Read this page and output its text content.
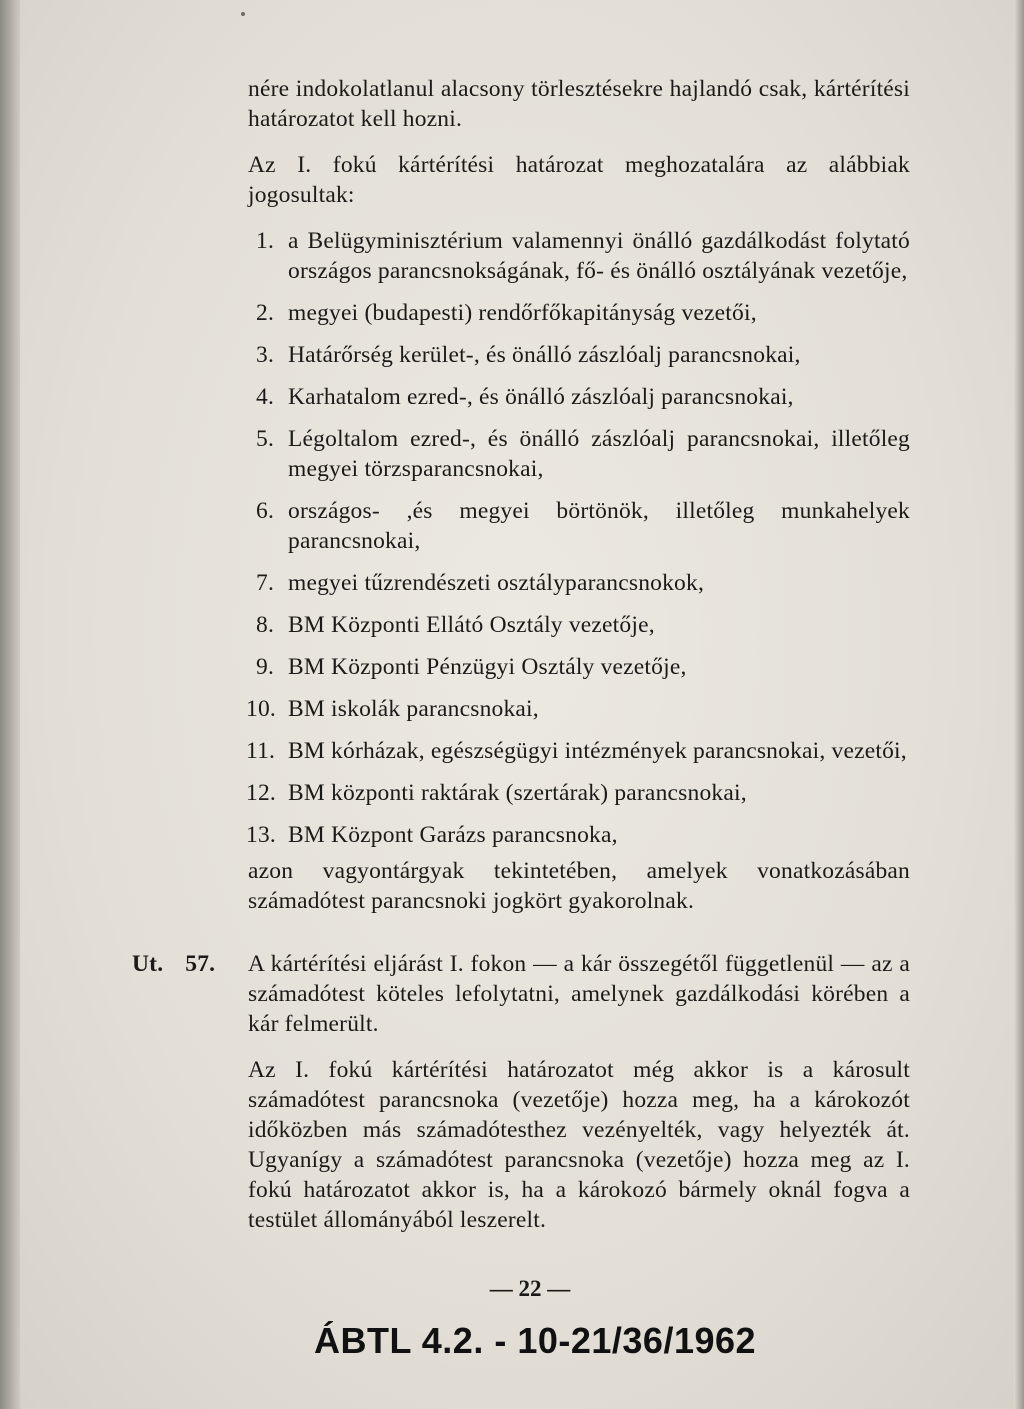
nére indokolatlanul alacsony törlesztésekre hajlandó csak, kártérítési határozatot kell hozni.

Az I. fokú kártérítési határozat meghozatalára az alábbiak jogosultak:

1. a Belügyminisztérium valamennyi önálló gazdálkodást folytató országos parancsnokságának, fő- és önálló osztályának vezetője,
2. megyei (budapesti) rendőrfőkapitányság vezetői,
3. Határőrség kerület-, és önálló zászlóalj parancsnokai,
4. Karhatalom ezred-, és önálló zászlóalj parancsnokai,
5. Légoltalom ezred-, és önálló zászlóalj parancsnokai, illetőleg megyei törzsparancsnokai,
6. országos- ,és megyei börtönök, illetőleg munkahelyek parancsnokai,
7. megyei tűzrendészeti osztályparancsnokok,
8. BM Központi Ellátó Osztály vezetője,
9. BM Központi Pénzügyi Osztály vezetője,
10. BM iskolák parancsnokai,
11. BM kórházak, egészségügyi intézmények parancsnokai, vezetői,
12. BM központi raktárak (szertárak) parancsnokai,
13. BM Központ Garázs parancsnoka,

azon vagyontárgyak tekintetében, amelyek vonatkozásában számadótest parancsnoki jogkört gyakorolnak.

Ut. 57. A kártérítési eljárást I. fokon — a kár összegétől függetlenül — az a számadótest köteles lefolytatni, amelynek gazdálkodási körében a kár felmerült.

Az I. fokú kártérítési határozatot még akkor is a károsult számadótest parancsnoka (vezetője) hozza meg, ha a károkozót időközben más számadótesthez vezényelték, vagy helyezték át. Ugyanígy a számadótest parancsnoka (vezetője) hozza meg az I. fokú határozatot akkor is, ha a károkozó bármely oknál fogva a testület állományából leszerelt.

— 22 —
ÁBTL 4.2. - 10-21/36/1962
